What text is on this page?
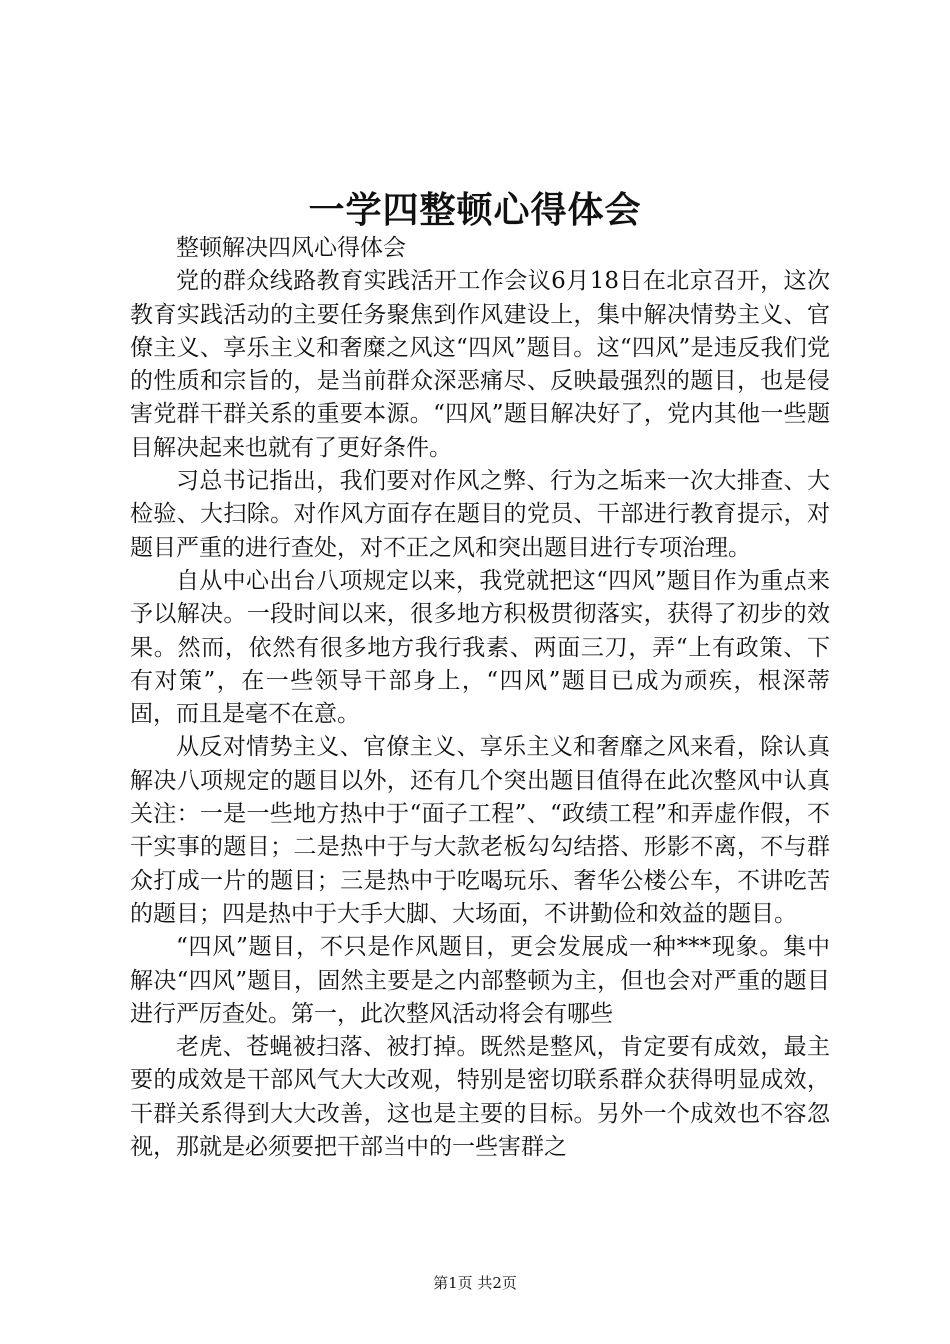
一学四整顿心得体会

整顿解决四风心得体会

党的群众线路教育实践活开工作会议6月18日在北京召开，这次教育实践活动的主要任务聚焦到作风建设上，集中解决情势主义、官僚主义、享乐主义和奢糜之风这“四风”题目。这“四风”是违反我们党的性质和宗旨的，是当前群众深恶痛尽、反映最强烈的题目，也是侵害党群干群关系的重要本源。“四风”题目解决好了，党内其他一些题目解决起来也就有了更好条件。

习总书记指出，我们要对作风之弊、行为之垢来一次大排查、大检验、大扫除。对作风方面存在题目的党员、干部进行教育提示，对题目严重的进行查处，对不正之风和突出题目进行专项治理。

自从中心出台八项规定以来，我党就把这“四风”题目作为重点来予以解决。一段时间以来，很多地方积极贯彻落实，获得了初步的效果。然而，依然有很多地方我行我素、两面三刀，弄“上有政策、下有对策”，在一些领导干部身上，“四风”题目已成为顽疾，根深蒂固，而且是毫不在意。

从反对情势主义、官僚主义、享乐主义和奢靡之风来看，除认真解决八项规定的题目以外，还有几个突出题目值得在此次整风中认真关注：一是一些地方热中于“面子工程”、“政绩工程”和弄虚作假，不干实事的题目；二是热中于与大款老板勾勾结搭、形影不离，不与群众打成一片的题目；三是热中于吃喝玩乐、奢华公楼公车，不讲吃苦的题目；四是热中于大手大脚、大场面，不讲勤俭和效益的题目。

“四风”题目，不只是作风题目，更会发展成一种***现象。集中解决“四风”题目，固然主要是之内部整顿为主，但也会对严重的题目进行严厉查处。第一，此次整风活动将会有哪些

老虎、苍蝇被扫落、被打掉。既然是整风，肯定要有成效，最主要的成效是干部风气大大改观，特别是密切联系群众获得明显成效，干群关系得到大大改善，这也是主要的目标。另外一个成效也不容忽视，那就是必须要把干部当中的一些害群之

第1页 共2页
